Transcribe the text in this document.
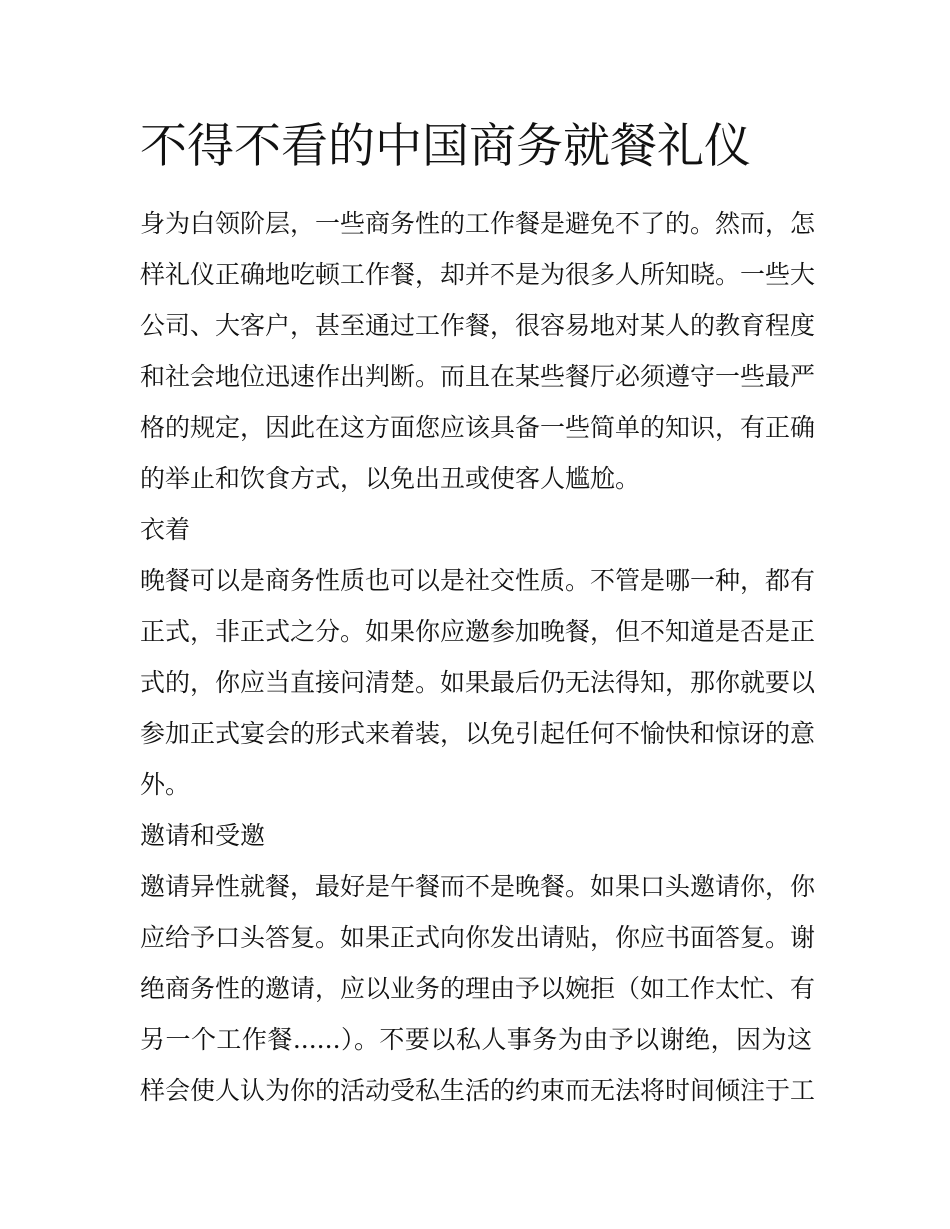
不得不看的中国商务就餐礼仪
身为白领阶层，一些商务性的工作餐是避免不了的。然而，怎
样礼仪正确地吃顿工作餐，却并不是为很多人所知晓。一些大
公司、大客户，甚至通过工作餐，很容易地对某人的教育程度
和社会地位迅速作出判断。而且在某些餐厅必须遵守一些最严
格的规定，因此在这方面您应该具备一些简单的知识，有正确
的举止和饮食方式，以免出丑或使客人尴尬。
衣着
晚餐可以是商务性质也可以是社交性质。不管是哪一种，都有
正式，非正式之分。如果你应邀参加晚餐，但不知道是否是正
式的，你应当直接问清楚。如果最后仍无法得知，那你就要以
参加正式宴会的形式来着装，以免引起任何不愉快和惊讶的意
外。
邀请和受邀
邀请异性就餐，最好是午餐而不是晚餐。如果口头邀请你，你
应给予口头答复。如果正式向你发出请贴，你应书面答复。谢
绝商务性的邀请，应以业务的理由予以婉拒（如工作太忙、有
另一个工作餐......）。不要以私人事务为由予以谢绝，因为这
样会使人认为你的活动受私生活的约束而无法将时间倾注于工
